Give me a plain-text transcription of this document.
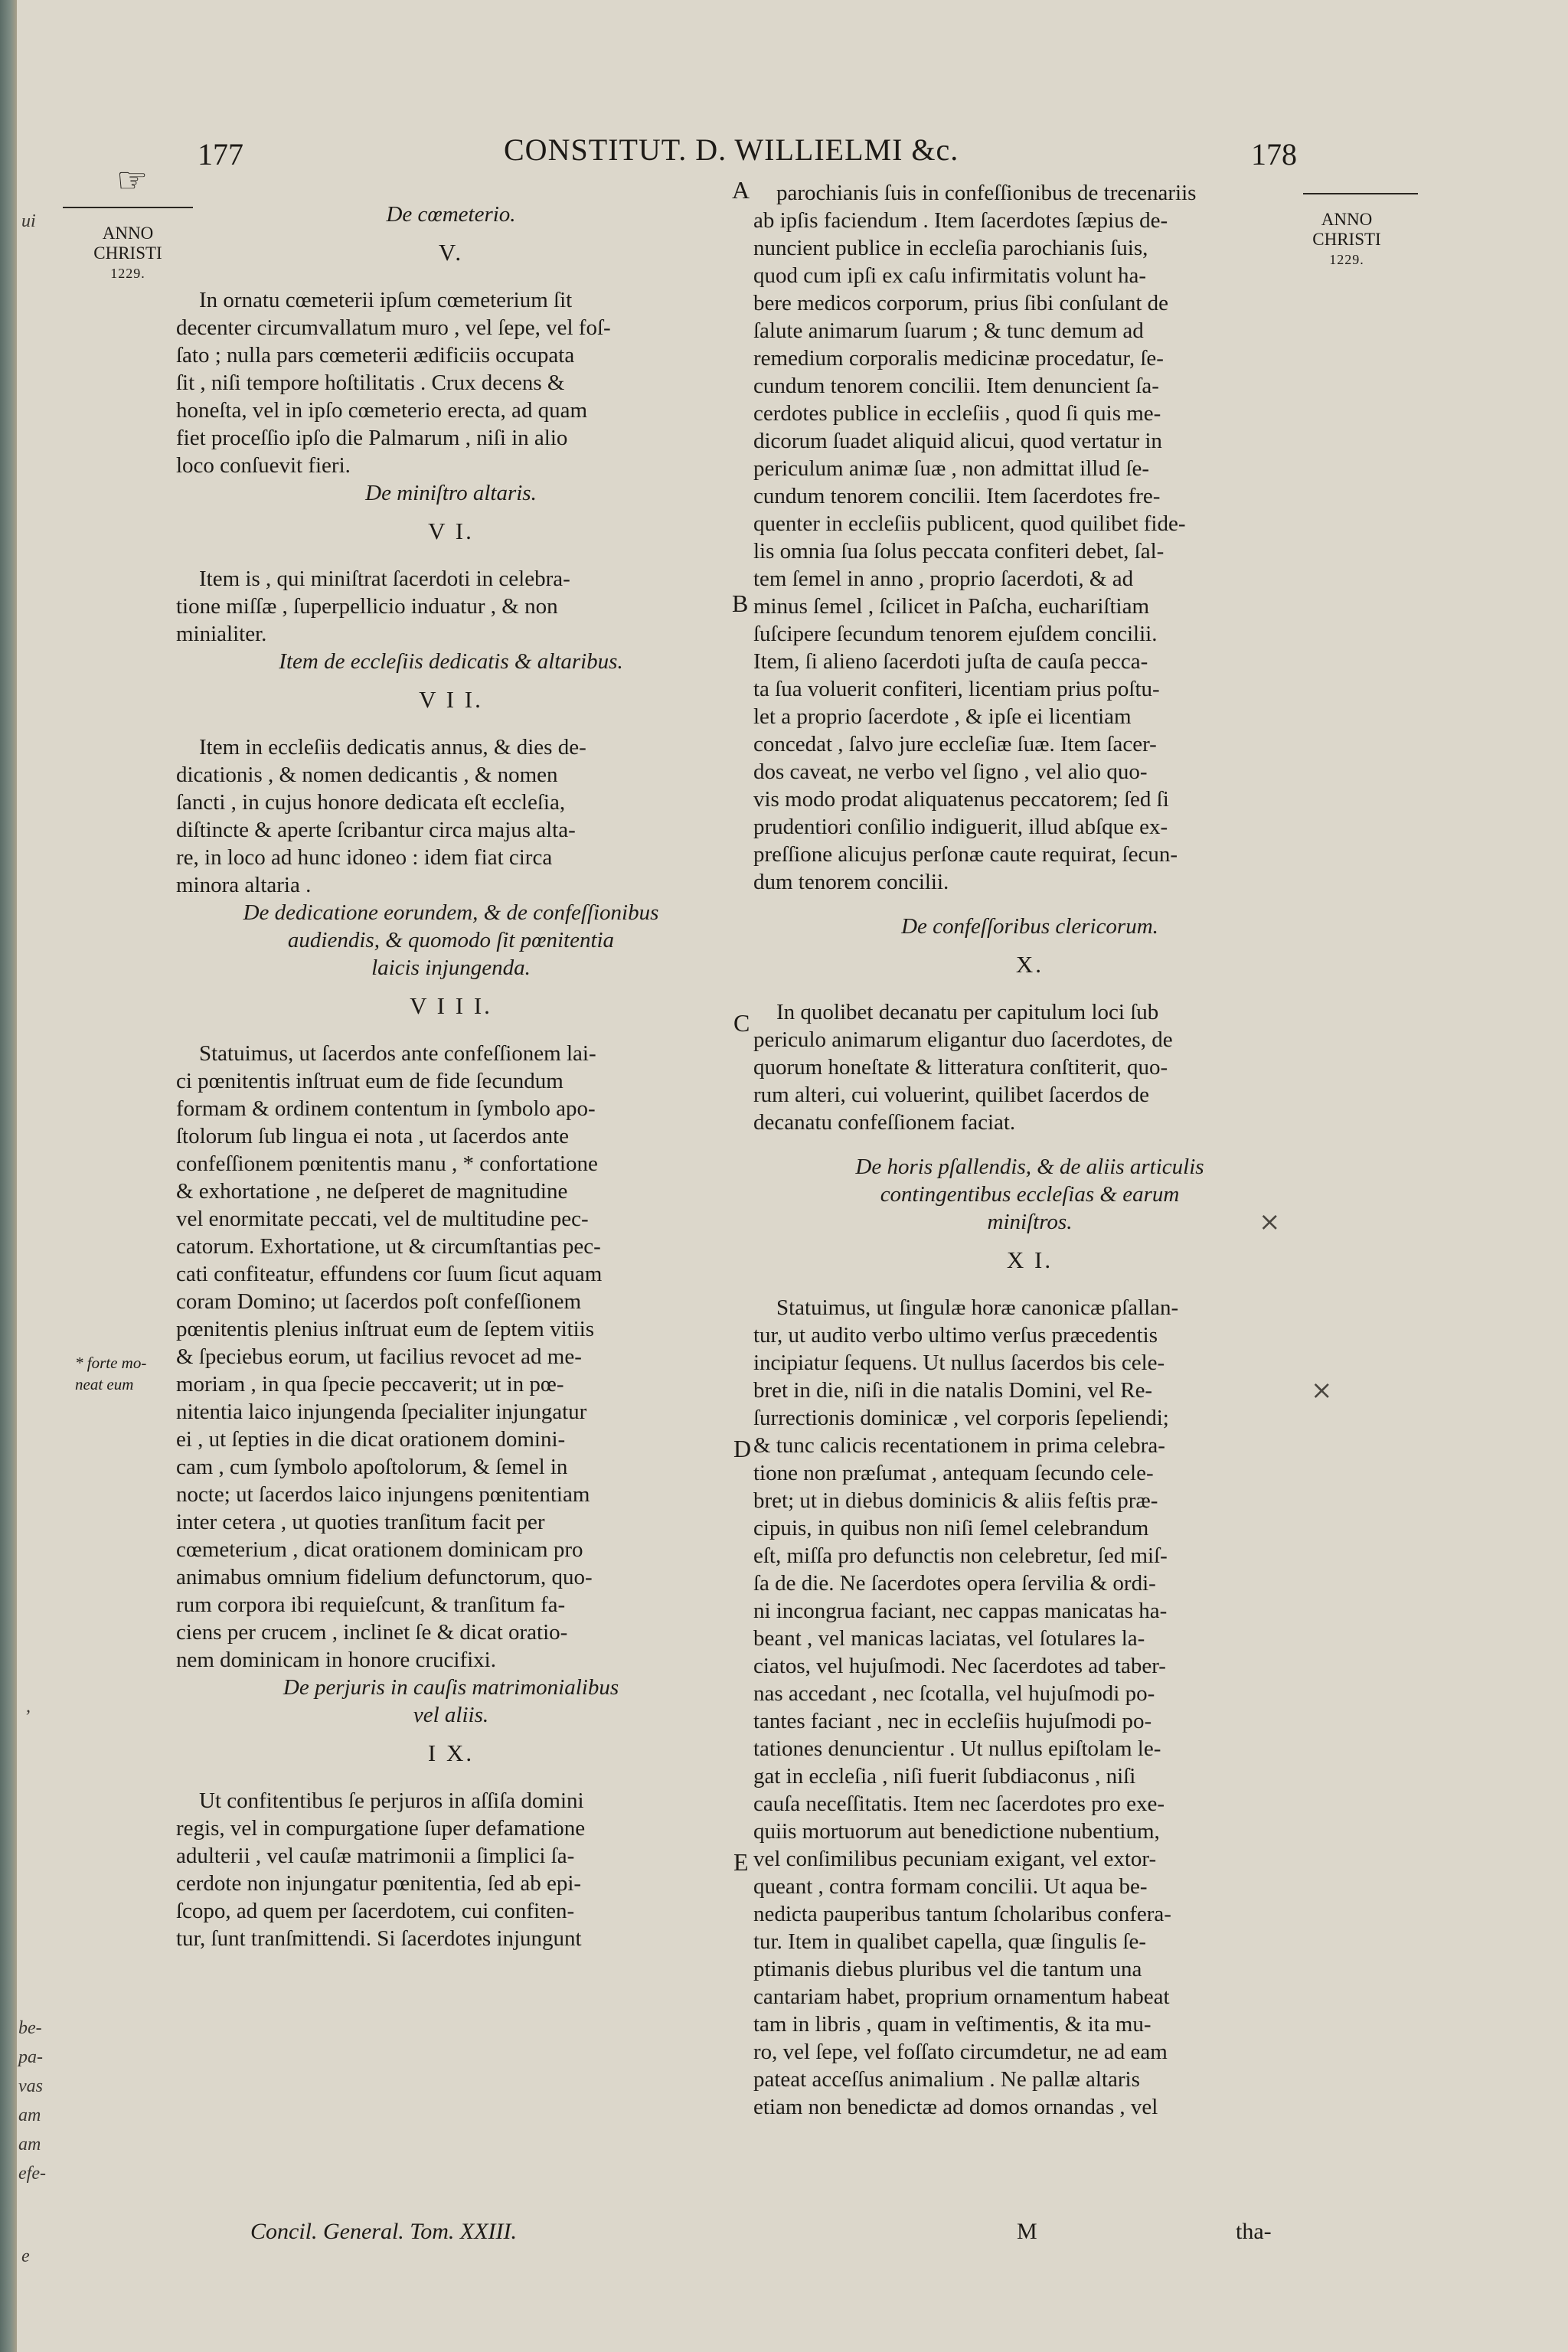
ui
,
be-
pa-
vas
am
am
efe-
e
177	CONSTITUT. D. WILLIELMI &c.	178
☞
ANNO
CHRISTI
1229.
ANNO
CHRISTI
1229.
* forte mo-
neat eum
A
B
C
D
E
×
×
De cœmeterio.
V.

In ornatu cœmeterii ipſum cœmeterium ſit

decenter circumvallatum muro , vel ſepe, vel foſ-

ſato ; nulla pars cœmeterii ædificiis occupata

ſit , niſi tempore hoſtilitatis . Crux decens &

honeſta, vel in ipſo cœmeterio erecta, ad quam

fiet proceſſio ipſo die Palmarum , niſi in alio

loco conſuevit fieri.

De miniſtro altaris.
V I.

Item is , qui miniſtrat ſacerdoti in celebra-

tione miſſæ , ſuperpellicio induatur , & non

minialiter.

Item de eccleſiis dedicatis & altaribus.
V I I.

Item in eccleſiis dedicatis annus, & dies de-

dicationis , & nomen dedicantis , & nomen

ſancti , in cujus honore dedicata eſt eccleſia,

diſtincte & aperte ſcribantur circa majus alta-

re, in loco ad hunc idoneo : idem fiat circa

minora altaria .

De dedicatione eorundem, & de confeſſionibus
audiendis, & quomodo ſit pœnitentia
laicis injungenda.
V I I I.

Statuimus, ut ſacerdos ante confeſſionem lai-

ci pœnitentis inſtruat eum de fide ſecundum

formam & ordinem contentum in ſymbolo apo-

ſtolorum ſub lingua ei nota , ut ſacerdos ante

confeſſionem pœnitentis manu , * confortatione

& exhortatione , ne deſperet de magnitudine

vel enormitate peccati, vel de multitudine pec-

catorum. Exhortatione, ut & circumſtantias pec-

cati confiteatur, effundens cor ſuum ſicut aquam

coram Domino; ut ſacerdos poſt confeſſionem

pœnitentis plenius inſtruat eum de ſeptem vitiis

& ſpeciebus eorum, ut facilius revocet ad me-

moriam , in qua ſpecie peccaverit; ut in pœ-

nitentia laico injungenda ſpecialiter injungatur

ei , ut ſepties in die dicat orationem domini-

cam , cum ſymbolo apoſtolorum, & ſemel in

nocte; ut ſacerdos laico injungens pœnitentiam

inter cetera , ut quoties tranſitum facit per

cœmeterium , dicat orationem dominicam pro

animabus omnium fidelium defunctorum, quo-

rum corpora ibi requieſcunt, & tranſitum fa-

ciens per crucem , inclinet ſe & dicat oratio-

nem dominicam in honore crucifixi.

De perjuris in cauſis matrimonialibus
vel aliis.
I X.

Ut confitentibus ſe perjuros in aſſiſa domini

regis, vel in compurgatione ſuper defamatione

adulterii , vel cauſæ matrimonii a ſimplici ſa-

cerdote non injungatur pœnitentia, ſed ab epi-

ſcopo, ad quem per ſacerdotem, cui confiten-

tur, ſunt tranſmittendi. Si ſacerdotes injungunt

parochianis ſuis in confeſſionibus de trecenariis

ab ipſis faciendum . Item ſacerdotes ſæpius de-

nuncient publice in eccleſia parochianis ſuis,

quod cum ipſi ex caſu infirmitatis volunt ha-

bere medicos corporum, prius ſibi conſulant de

ſalute animarum ſuarum ; & tunc demum ad

remedium corporalis medicinæ procedatur, ſe-

cundum tenorem concilii. Item denuncient ſa-

cerdotes publice in eccleſiis , quod ſi quis me-

dicorum ſuadet aliquid alicui, quod vertatur in

periculum animæ ſuæ , non admittat illud ſe-

cundum tenorem concilii. Item ſacerdotes fre-

quenter in eccleſiis publicent, quod quilibet fide-

lis omnia ſua ſolus peccata confiteri debet, ſal-

tem ſemel in anno , proprio ſacerdoti, & ad

minus ſemel , ſcilicet in Paſcha, euchariſtiam

ſuſcipere ſecundum tenorem ejuſdem concilii.

Item, ſi alieno ſacerdoti juſta de cauſa pecca-

ta ſua voluerit confiteri, licentiam prius poſtu-

let a proprio ſacerdote , & ipſe ei licentiam

concedat , ſalvo jure eccleſiæ ſuæ. Item ſacer-

dos caveat, ne verbo vel ſigno , vel alio quo-

vis modo prodat aliquatenus peccatorem; ſed ſi

prudentiori conſilio indiguerit, illud abſque ex-

preſſione alicujus perſonæ caute requirat, ſecun-

dum tenorem concilii.

De confeſſoribus clericorum.
X.

In quolibet decanatu per capitulum loci ſub

periculo animarum eligantur duo ſacerdotes, de

quorum honeſtate & litteratura conſtiterit, quo-

rum alteri, cui voluerint, quilibet ſacerdos de

decanatu confeſſionem faciat.

De horis pſallendis, & de aliis articulis
contingentibus eccleſias & earum
miniſtros.
X I.

Statuimus, ut ſingulæ horæ canonicæ pſallan-

tur, ut audito verbo ultimo verſus præcedentis

incipiatur ſequens. Ut nullus ſacerdos bis cele-

bret in die, niſi in die natalis Domini, vel Re-

ſurrectionis dominicæ , vel corporis ſepeliendi;

& tunc calicis recentationem in prima celebra-

tione non præſumat , antequam ſecundo cele-

bret; ut in diebus dominicis & aliis feſtis præ-

cipuis, in quibus non niſi ſemel celebrandum

eſt, miſſa pro defunctis non celebretur, ſed miſ-

ſa de die. Ne ſacerdotes opera ſervilia & ordi-

ni incongrua faciant, nec cappas manicatas ha-

beant , vel manicas laciatas, vel ſotulares la-

ciatos, vel hujuſmodi. Nec ſacerdotes ad taber-

nas accedant , nec ſcotalla, vel hujuſmodi po-

tantes faciant , nec in eccleſiis hujuſmodi po-

tationes denuncientur . Ut nullus epiſtolam le-

gat in eccleſia , niſi fuerit ſubdiaconus , niſi

cauſa neceſſitatis. Item nec ſacerdotes pro exe-

quiis mortuorum aut benedictione nubentium,

vel conſimilibus pecuniam exigant, vel extor-

queant , contra formam concilii. Ut aqua be-

nedicta pauperibus tantum ſcholaribus confera-

tur. Item in qualibet capella, quæ ſingulis ſe-

ptimanis diebus pluribus vel die tantum una

cantariam habet, proprium ornamentum habeat

tam in libris , quam in veſtimentis, & ita mu-

ro, vel ſepe, vel foſſato circumdetur, ne ad eam

pateat acceſſus animalium . Ne pallæ altaris

etiam non benedictæ ad domos ornandas , vel

Concil. General. Tom. XXIII.	M	tha-
